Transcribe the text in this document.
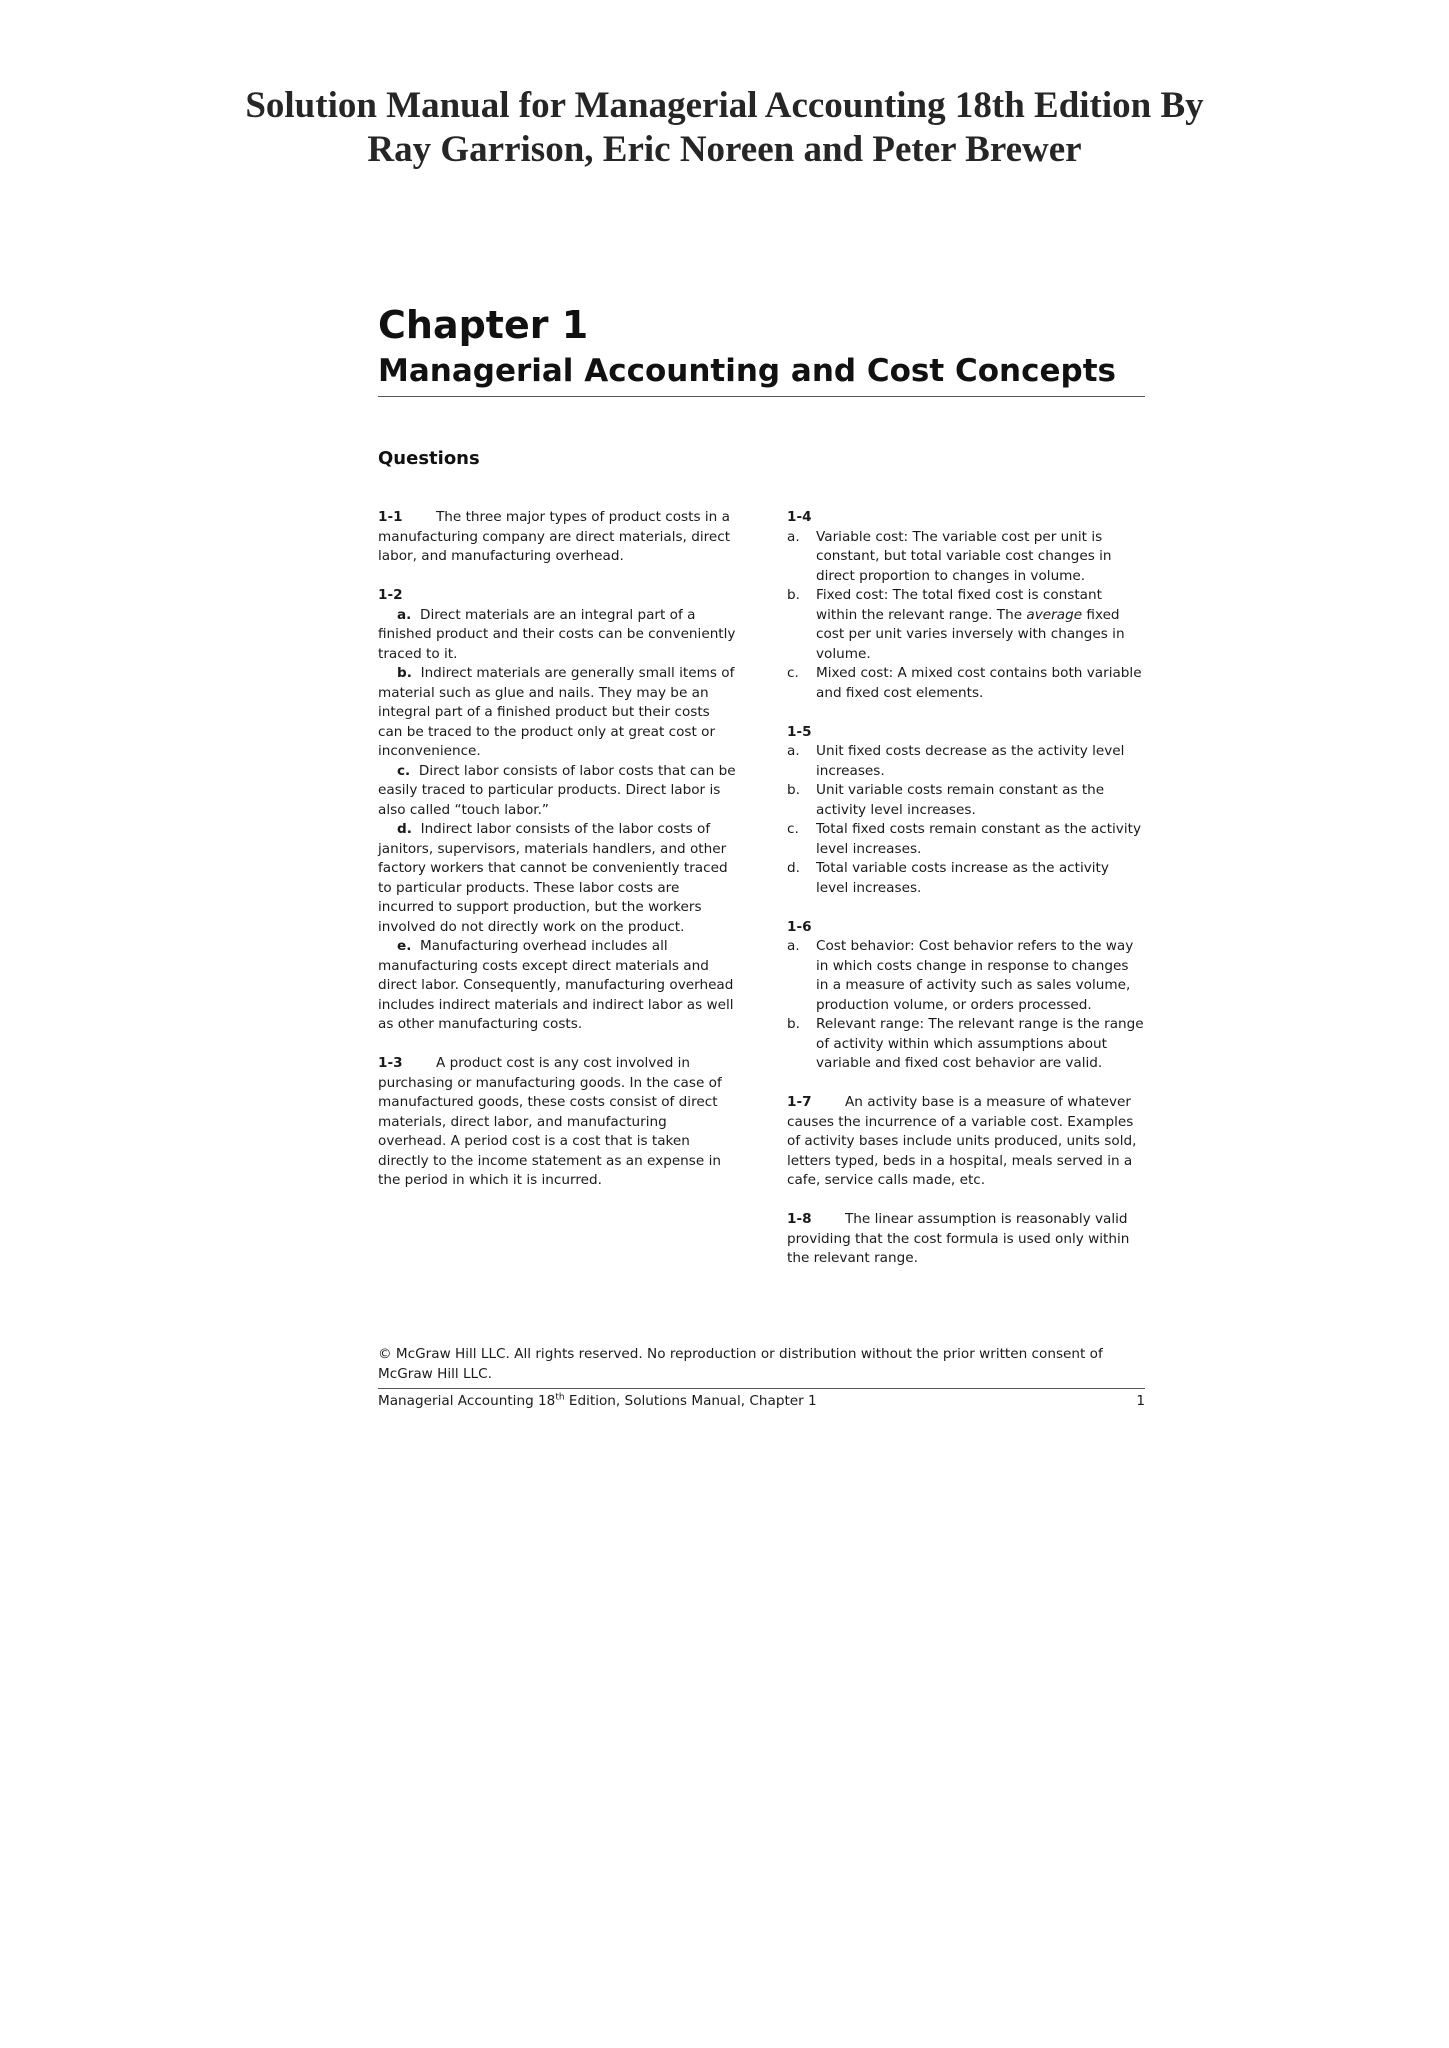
Solution Manual for Managerial Accounting 18th Edition By
Ray Garrison, Eric Noreen and Peter Brewer
Chapter 1
Managerial Accounting and Cost Concepts
Questions
1-1 The three major types of product costs in a manufacturing company are direct materials, direct labor, and manufacturing overhead.
1-2
a. Direct materials are an integral part of a finished product and their costs can be conveniently traced to it.
b. Indirect materials are generally small items of material such as glue and nails. They may be an integral part of a finished product but their costs can be traced to the product only at great cost or inconvenience.
c. Direct labor consists of labor costs that can be easily traced to particular products. Direct labor is also called “touch labor.”
d. Indirect labor consists of the labor costs of janitors, supervisors, materials handlers, and other factory workers that cannot be conveniently traced to particular products. These labor costs are incurred to support production, but the workers involved do not directly work on the product.
e. Manufacturing overhead includes all manufacturing costs except direct materials and direct labor. Consequently, manufacturing overhead includes indirect materials and indirect labor as well as other manufacturing costs.
1-3 A product cost is any cost involved in purchasing or manufacturing goods. In the case of manufactured goods, these costs consist of direct materials, direct labor, and manufacturing overhead. A period cost is a cost that is taken directly to the income statement as an expense in the period in which it is incurred.
1-4
a.	Variable cost: The variable cost per unit is constant, but total variable cost changes in direct proportion to changes in volume.
b.	Fixed cost: The total fixed cost is constant within the relevant range. The average fixed cost per unit varies inversely with changes in volume.
c.	Mixed cost: A mixed cost contains both variable and fixed cost elements.
1-5
a.	Unit fixed costs decrease as the activity level increases.
b.	Unit variable costs remain constant as the activity level increases.
c.	Total fixed costs remain constant as the activity level increases.
d.	Total variable costs increase as the activity level increases.
1-6
a.	Cost behavior: Cost behavior refers to the way in which costs change in response to changes in a measure of activity such as sales volume, production volume, or orders processed.
b.	Relevant range: The relevant range is the range of activity within which assumptions about variable and fixed cost behavior are valid.
1-7 An activity base is a measure of whatever causes the incurrence of a variable cost. Examples of activity bases include units produced, units sold, letters typed, beds in a hospital, meals served in a cafe, service calls made, etc.
1-8 The linear assumption is reasonably valid providing that the cost formula is used only within the relevant range.
© McGraw Hill LLC. All rights reserved. No reproduction or distribution without the prior written consent of McGraw Hill LLC.
Managerial Accounting 18th Edition, Solutions Manual, Chapter 1	1
